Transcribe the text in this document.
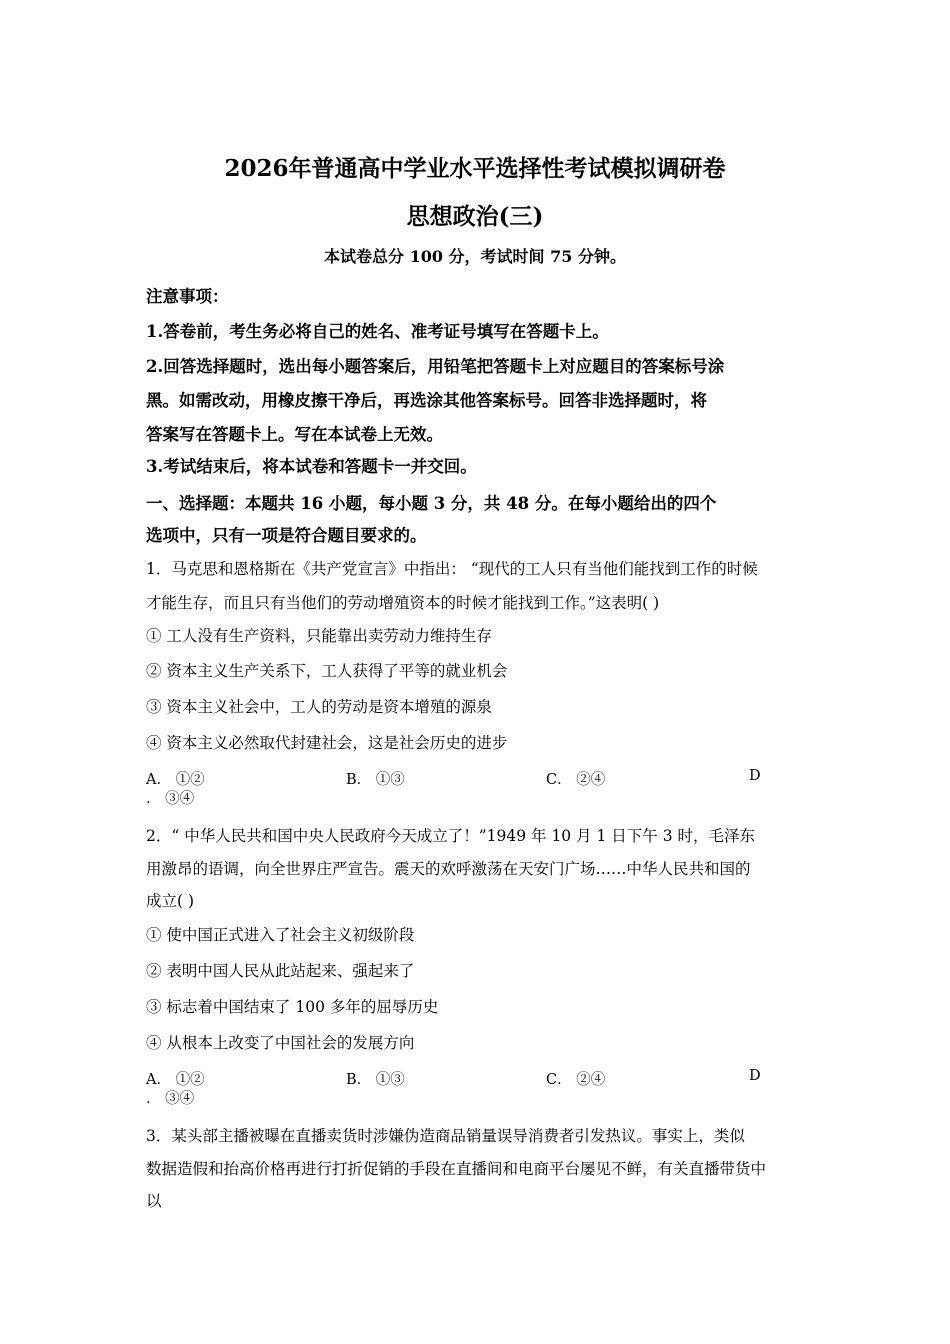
2026年普通高中学业水平选择性考试模拟调研卷
思想政治(三)
本试卷总分 100 分，考试时间 75 分钟。
注意事项：
1.答卷前，考生务必将自己的姓名、准考证号填写在答题卡上。
2.回答选择题时，选出每小题答案后，用铅笔把答题卡上对应题目的答案标号涂
黑。如需改动，用橡皮擦干净后，再选涂其他答案标号。回答非选择题时，将
答案写在答题卡上。写在本试卷上无效。
3.考试结束后，将本试卷和答题卡一并交回。
一、选择题：本题共 16 小题，每小题 3 分，共 48 分。在每小题给出的四个
选项中，只有一项是符合题目要求的。
1．马克思和恩格斯在《共产党宣言》中指出： “现代的工人只有当他们能找到工作的时候
才能生存，而且只有当他们的劳动增殖资本的时候才能找到工作。”这表明( )
① 工人没有生产资料，只能靠出卖劳动力维持生存
② 资本主义生产关系下，工人获得了平等的就业机会
③ 资本主义社会中，工人的劳动是资本增殖的源泉
④ 资本主义必然取代封建社会，这是社会历史的进步
A． ①②	B． ①③	C． ②④	D
． ③④
2．“ 中华人民共和国中央人民政府今天成立了！”1949 年 10 月 1 日下午 3 时，毛泽东
用激昂的语调，向全世界庄严宣告。震天的欢呼激荡在天安门广场……中华人民共和国的
成立( )
① 使中国正式进入了社会主义初级阶段
② 表明中国人民从此站起来、强起来了
③ 标志着中国结束了 100 多年的屈辱历史
④ 从根本上改变了中国社会的发展方向
A． ①②	B． ①③	C． ②④	D
． ③④
3．某头部主播被曝在直播卖货时涉嫌伪造商品销量误导消费者引发热议。事实上，类似
数据造假和抬高价格再进行打折促销的手段在直播间和电商平台屡见不鲜，有关直播带货中
以
